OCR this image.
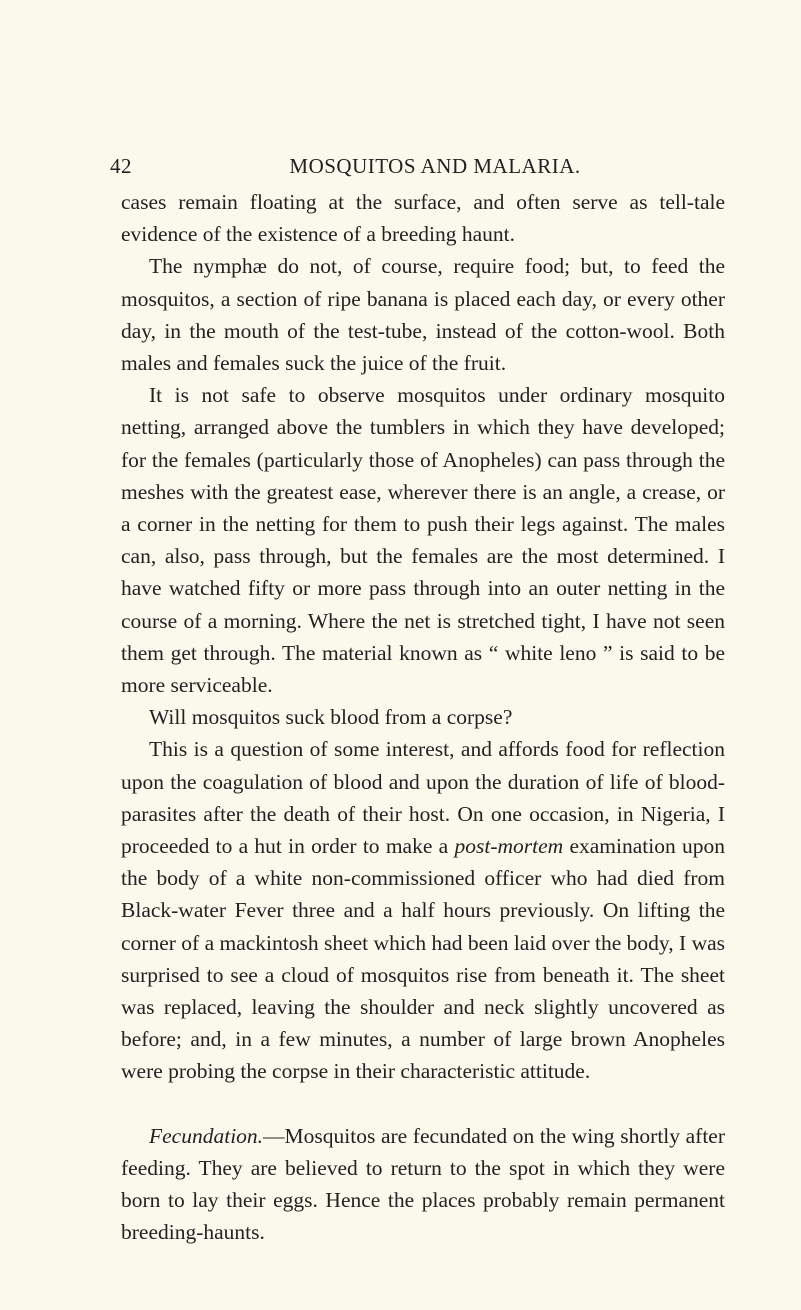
42	MOSQUITOS AND MALARIA.

cases remain floating at the surface, and often serve as tell-tale evidence of the existence of a breeding haunt.

The nymphæ do not, of course, require food; but, to feed the mosquitos, a section of ripe banana is placed each day, or every other day, in the mouth of the test-tube, instead of the cotton-wool. Both males and females suck the juice of the fruit.

It is not safe to observe mosquitos under ordinary mosquito netting, arranged above the tumblers in which they have developed; for the females (particularly those of Anopheles) can pass through the meshes with the greatest ease, wherever there is an angle, a crease, or a corner in the netting for them to push their legs against. The males can, also, pass through, but the females are the most determined. I have watched fifty or more pass through into an outer netting in the course of a morning. Where the net is stretched tight, I have not seen them get through. The material known as “ white leno ” is said to be more serviceable.

Will mosquitos suck blood from a corpse?

This is a question of some interest, and affords food for reflection upon the coagulation of blood and upon the duration of life of blood-parasites after the death of their host. On one occasion, in Nigeria, I proceeded to a hut in order to make a post-mortem examination upon the body of a white non-commissioned officer who had died from Black-water Fever three and a half hours previously. On lifting the corner of a mackintosh sheet which had been laid over the body, I was surprised to see a cloud of mosquitos rise from beneath it. The sheet was replaced, leaving the shoulder and neck slightly uncovered as before; and, in a few minutes, a number of large brown Anopheles were probing the corpse in their characteristic attitude.

Fecundation.—Mosquitos are fecundated on the wing shortly after feeding. They are believed to return to the spot in which they were born to lay their eggs. Hence the places probably remain permanent breeding-haunts.
